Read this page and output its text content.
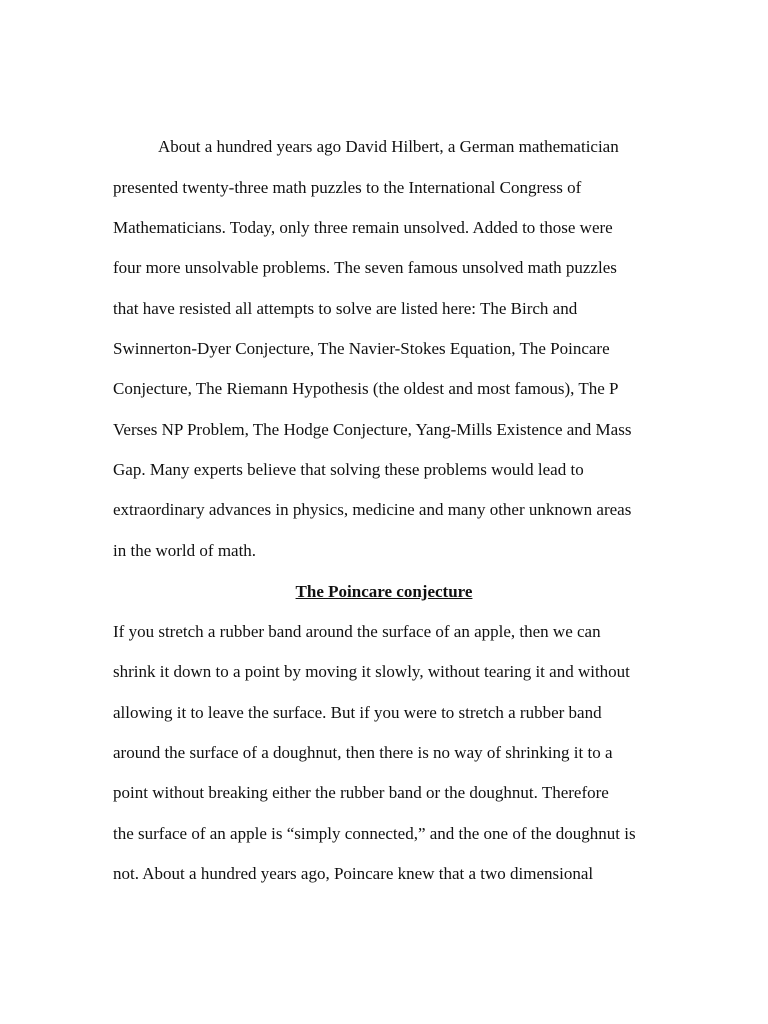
About a hundred years ago David Hilbert, a German mathematician

presented twenty-three math puzzles to the International Congress of

Mathematicians. Today, only three remain unsolved. Added to those were

four more unsolvable problems. The seven famous unsolved math puzzles

that have resisted all attempts to solve are listed here: The Birch and

Swinnerton-Dyer Conjecture, The Navier-Stokes Equation, The Poincare

Conjecture, The Riemann Hypothesis (the oldest and most famous), The P

Verses NP Problem, The Hodge Conjecture, Yang-Mills Existence and Mass

Gap. Many experts believe that solving these problems would lead to

extraordinary advances in physics, medicine and many other unknown areas

in the world of math.

The Poincare conjecture

If you stretch a rubber band around the surface of an apple, then we can

shrink it down to a point by moving it slowly, without tearing it and without

allowing it to leave the surface. But if you were to stretch a rubber band

around the surface of a doughnut, then there is no way of shrinking it to a

point without breaking either the rubber band or the doughnut. Therefore

the surface of an apple is “simply connected,” and the one of the doughnut is

not. About a hundred years ago, Poincare knew that a two dimensional
